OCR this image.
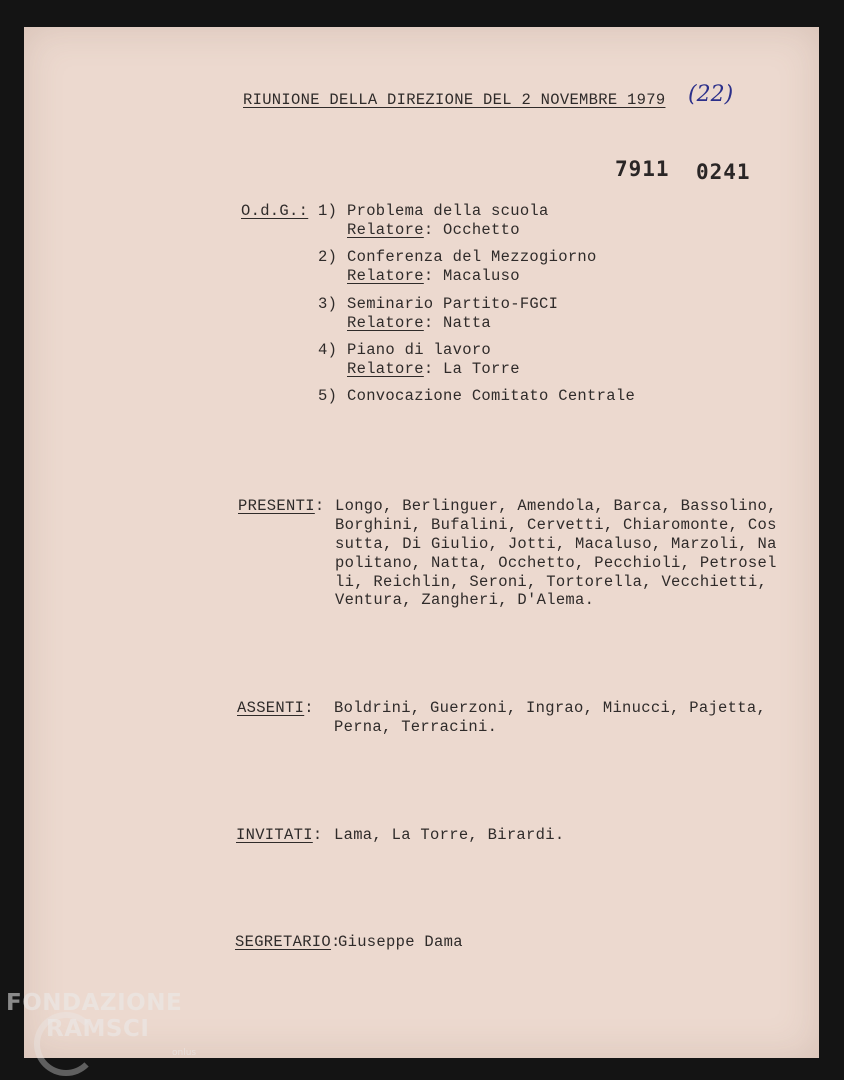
RIUNIONE DELLA DIREZIONE DEL 2 NOVEMBRE 1979 (22)
7911 0241
O.d.G.: 1) Problema della scuola
Relatore: Occhetto
2) Conferenza del Mezzogiorno
Relatore: Macaluso
3) Seminario Partito-FGCI
Relatore: Natta
4) Piano di lavoro
Relatore: La Torre
5) Convocazione Comitato Centrale
PRESENTI: Longo, Berlinguer, Amendola, Barca, Bassolino,
Borghini, Bufalini, Cervetti, Chiaromonte, Cos
sutta, Di Giulio, Jotti, Macaluso, Marzoli, Na
politano, Natta, Occhetto, Pecchioli, Petrosel
li, Reichlin, Seroni, Tortorella, Vecchietti,
Ventura, Zangheri, D'Alema.
ASSENTI: Boldrini, Guerzoni, Ingrao, Minucci, Pajetta,
Perna, Terracini.
INVITATI: Lama, La Torre, Birardi.
SEGRETARIO:
Giuseppe Dama
FONDAZIONE
RAMSCI
onlus
